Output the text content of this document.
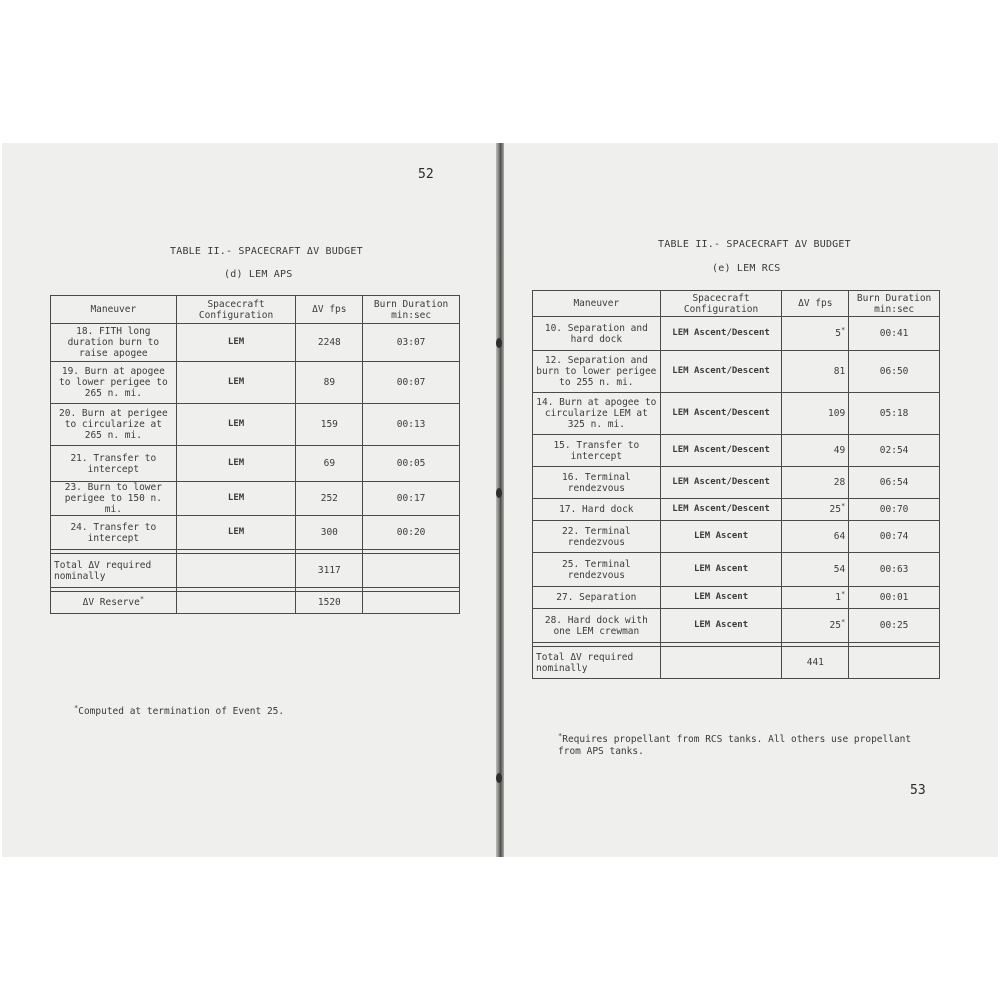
52
TABLE II.- SPACECRAFT ΔV BUDGET
(d) LEM APS
Maneuver	Spacecraft Configuration	ΔV fps	Burn Duration min:sec
18. FITH long duration burn to raise apogee	LEM	2248	03:07
19. Burn at apogee to lower perigee to 265 n. mi.	LEM	89	00:07
20. Burn at perigee to circularize at 265 n. mi.	LEM	159	00:13
21. Transfer to intercept	LEM	69	00:05
23. Burn to lower perigee to 150 n. mi.	LEM	252	00:17
24. Transfer to intercept	LEM	300	00:20

Total ΔV required nominally		3117	

ΔV Reserve*		1520	
*Computed at termination of Event 25.
TABLE II.- SPACECRAFT ΔV BUDGET
(e) LEM RCS
Maneuver	Spacecraft Configuration	ΔV fps	Burn Duration min:sec
10. Separation and hard dock	LEM Ascent/Descent	5*	00:41
12. Separation and burn to lower perigee to 255 n. mi.	LEM Ascent/Descent	81	06:50
14. Burn at apogee to circularize LEM at 325 n. mi.	LEM Ascent/Descent	109	05:18
15. Transfer to intercept	LEM Ascent/Descent	49	02:54
16. Terminal rendezvous	LEM Ascent/Descent	28	06:54
17. Hard dock	LEM Ascent/Descent	25*	00:70
22. Terminal rendezvous	LEM Ascent	64	00:74
25. Terminal rendezvous	LEM Ascent	54	00:63
27. Separation	LEM Ascent	1*	00:01
28. Hard dock with one LEM crewman	LEM Ascent	25*	00:25

Total ΔV required nominally		441	
*Requires propellant from RCS tanks. All others use propellant from APS tanks.
53
